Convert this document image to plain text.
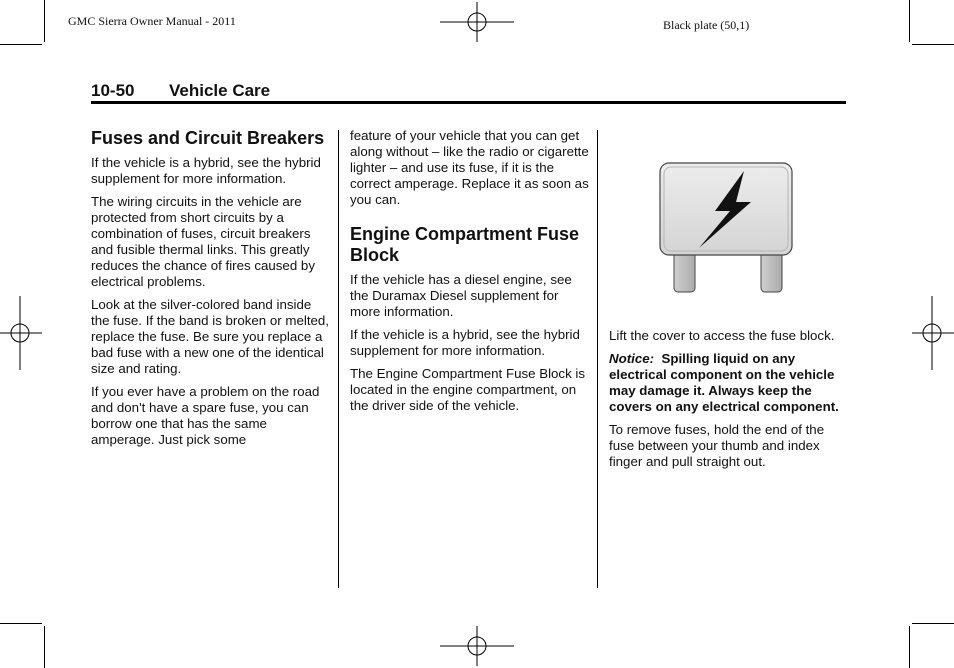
GMC Sierra Owner Manual - 2011	Black plate (50,1)
10-50 Vehicle Care
Fuses and Circuit Breakers

If the vehicle is a hybrid, see the hybrid supplement for more information.

The wiring circuits in the vehicle are protected from short circuits by a combination of fuses, circuit breakers and fusible thermal links. This greatly reduces the chance of fires caused by electrical problems.

Look at the silver-colored band inside the fuse. If the band is broken or melted, replace the fuse. Be sure you replace a bad fuse with a new one of the identical size and rating.

If you ever have a problem on the road and don't have a spare fuse, you can borrow one that has the same amperage. Just pick some

feature of your vehicle that you can get along without – like the radio or cigarette lighter – and use its fuse, if it is the correct amperage. Replace it as soon as you can.

Engine Compartment Fuse Block

If the vehicle has a diesel engine, see the Duramax Diesel supplement for more information.

If the vehicle is a hybrid, see the hybrid supplement for more information.

The Engine Compartment Fuse Block is located in the engine compartment, on the driver side of the vehicle.

Lift the cover to access the fuse block.

Notice: Spilling liquid on any electrical component on the vehicle may damage it. Always keep the covers on any electrical component.

To remove fuses, hold the end of the fuse between your thumb and index finger and pull straight out.
